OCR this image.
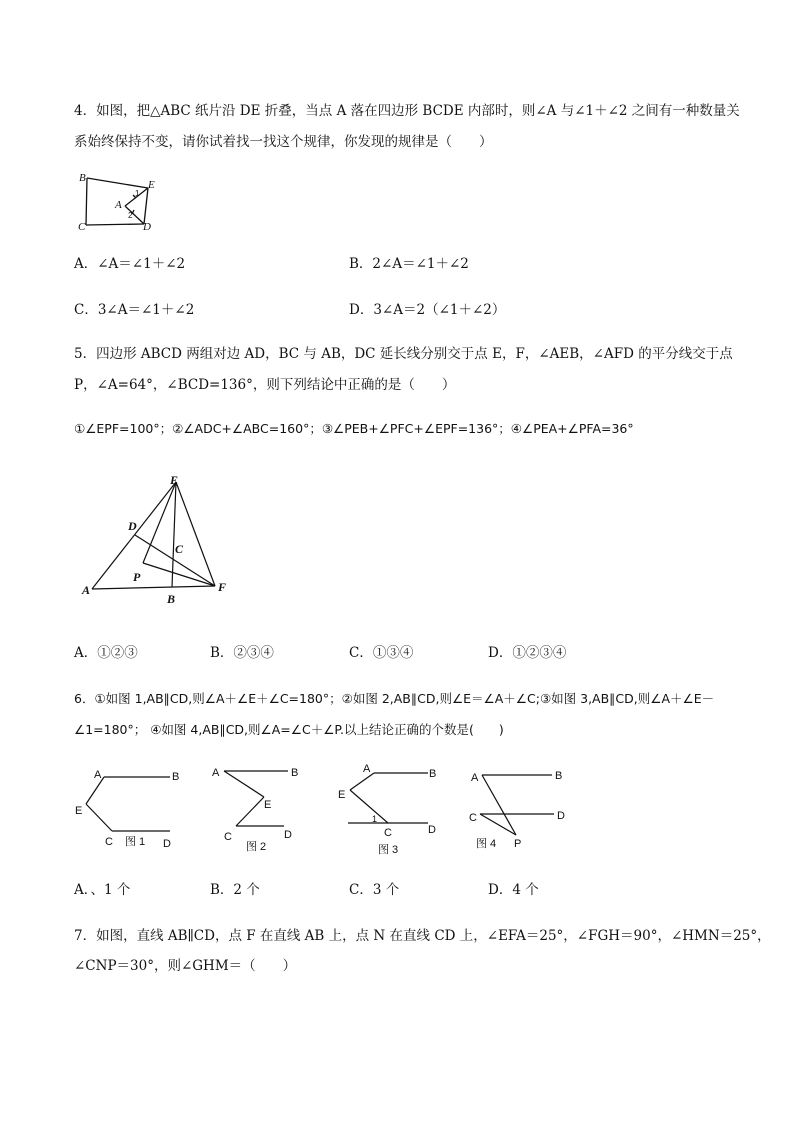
4．如图，把△ABC 纸片沿 DE 折叠，当点 A 落在四边形 BCDE 内部时，则∠A 与∠1＋∠2 之间有一种数量关
系始终保持不变，请你试着找一找这个规律，你发现的规律是（　　）
B
E
A
C	D
1
2
A．∠A＝∠1＋∠2	B．2∠A＝∠1＋∠2
C．3∠A＝∠1＋∠2	D．3∠A＝2（∠1＋∠2）
5．四边形 ABCD 两组对边 AD，BC 与 AB，DC 延长线分别交于点 E，F，∠AEB，∠AFD 的平分线交于点
P，∠A=64°，∠BCD=136°，则下列结论中正确的是（　　）
①∠EPF=100°；②∠ADC+∠ABC=160°；③∠PEB+∠PFC+∠EPF=136°；④∠PEA+∠PFA=36°
E
D
C
P
A
B
F
A．①②③	B．②③④	C．①③④	D．①②③④
6．①如图 1,AB∥CD,则∠A＋∠E＋∠C=180°；②如图 2,AB∥CD,则∠E＝∠A＋∠C;③如图 3,AB∥CD,则∠A＋∠E－
∠1=180°； ④如图 4,AB∥CD,则∠A=∠C＋∠P.以上结论正确的个数是(　　)
A	B
E
C 图 1 D
A	B
E
C	D
图 2
A	B
E
1
C	D
图 3
A	B
C	D
图 4 P
A．、1 个	B．2 个	C．3 个	D．4 个
7．如图，直线 AB∥CD，点 F 在直线 AB 上，点 N 在直线 CD 上，∠EFA＝25°，∠FGH＝90°，∠HMN＝25°，
∠CNP＝30°，则∠GHM＝（　　）
